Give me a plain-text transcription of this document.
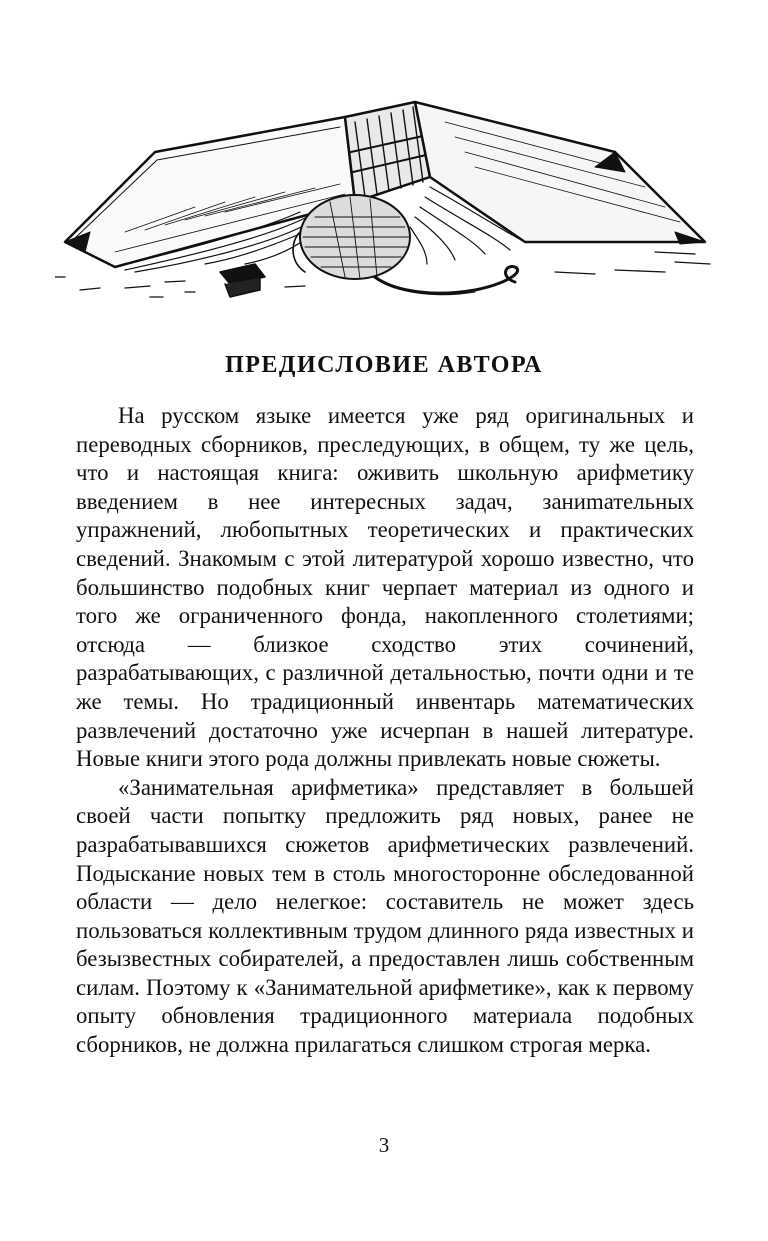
ПРЕДИСЛОВИЕ АВТОРА

На русском языке имеется уже ряд оригинальных и переводных сборников, преследующих, в общем, ту же цель, что и настоящая книга: оживить школьную арифметику введением в нее интересных задач, заниmательных упражнений, любопытных теоретических и практических сведений. Знакомым с этой литературой хорошо известно, что большинство подобных книг черпает материал из одного и того же ограниченного фонда, накопленного столетиями; отсюда — близкое сходство этих сочинений, разрабатывающих, с различной детальностью, почти одни и те же темы. Но традиционный инвентарь математических развлечений достаточно уже исчерпан в нашей литературе. Новые книги этого рода должны привлекать новые сюжеты.

«Занимательная арифметика» представляет в большей своей части попытку предложить ряд новых, ранее не разрабатывавшихся сюжетов арифметических развлечений. Подыскание новых тем в столь многосторонне обследованной области — дело нелегкое: составитель не может здесь пользоваться коллективным трудом длинного ряда известных и безызвестных собирателей, а предоставлен лишь собственным силам. Поэтому к «Занимательной арифметике», как к первому опыту обновления традиционного материала подобных сборников, не должна прилагаться слишком строгая мерка.

3
